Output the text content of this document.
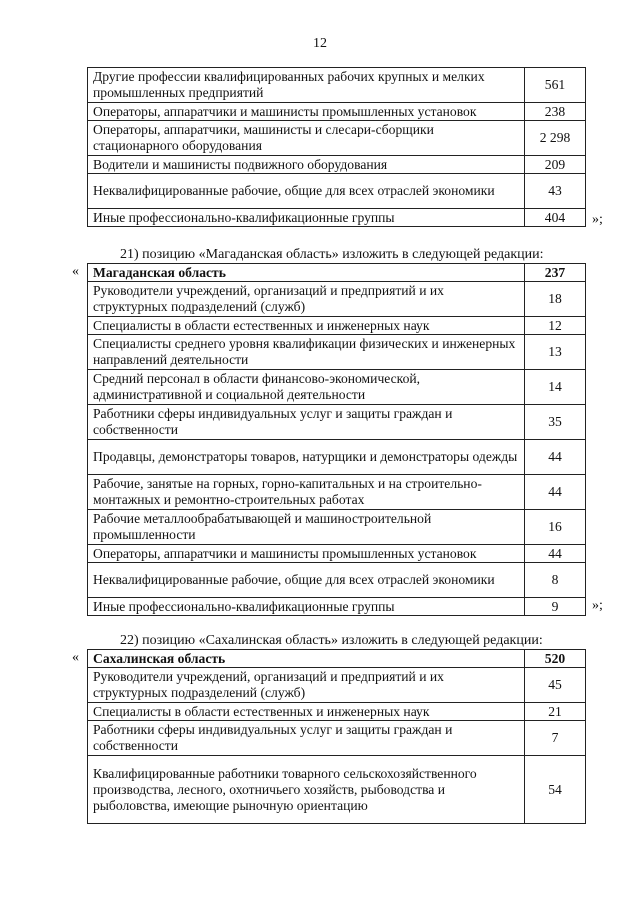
12
Другие профессии квалифицированных рабочих крупных и мелких промышленных предприятий	561
Операторы, аппаратчики и машинисты промышленных установок	238
Операторы, аппаратчики, машинисты и слесари-сборщики стационарного оборудования	2 298
Водители и машинисты подвижного оборудования	209
Неквалифицированные рабочие, общие для всех отраслей экономики	43
Иные профессионально-квалификационные группы	404 »;
21) позицию «Магаданская область» изложить в следующей редакции:
« Магаданская область	237
Руководители учреждений, организаций и предприятий и их структурных подразделений (служб)	18
Специалисты в области естественных и инженерных наук	12
Специалисты среднего уровня квалификации физических и инженерных направлений деятельности	13
Средний персонал в области финансово-экономической, административной и социальной деятельности	14
Работники сферы индивидуальных услуг и защиты граждан и собственности	35
Продавцы, демонстраторы товаров, натурщики и демонстраторы одежды	44
Рабочие, занятые на горных, горно-капитальных и на строительно-монтажных и ремонтно-строительных работах	44
Рабочие металлообрабатывающей и машиностроительной промышленности	16
Операторы, аппаратчики и машинисты промышленных установок	44
Неквалифицированные рабочие, общие для всех отраслей экономики	8
Иные профессионально-квалификационные группы	9 »;
22) позицию «Сахалинская область» изложить в следующей редакции:
« Сахалинская область	520
Руководители учреждений, организаций и предприятий и их структурных подразделений (служб)	45
Специалисты в области естественных и инженерных наук	21
Работники сферы индивидуальных услуг и защиты граждан и собственности	7
Квалифицированные работники товарного сельскохозяйственного производства, лесного, охотничьего хозяйств, рыбоводства и рыболовства, имеющие рыночную ориентацию	54
